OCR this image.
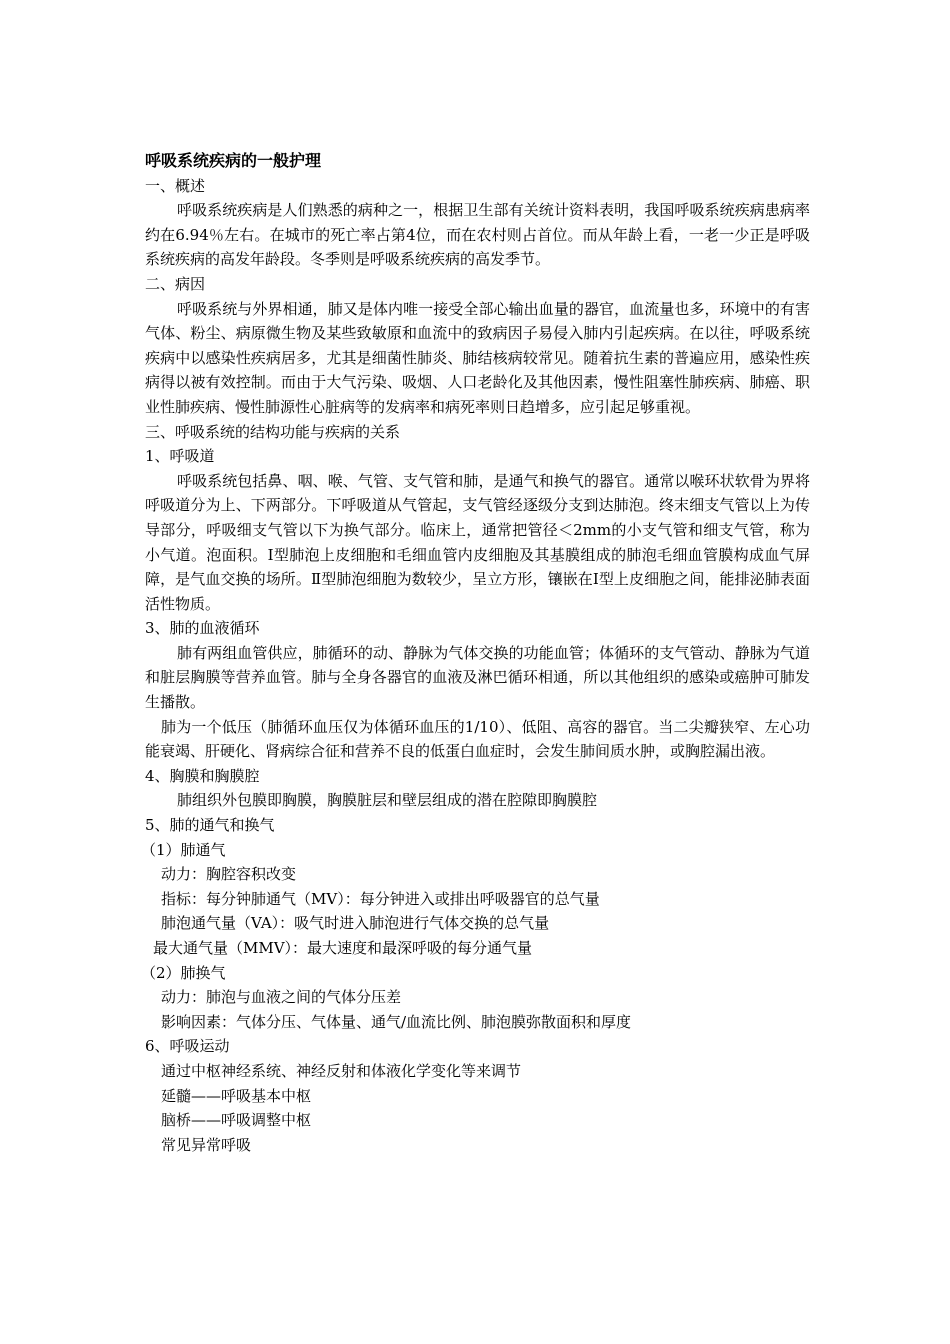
呼吸系统疾病的一般护理
一、概述
呼吸系统疾病是人们熟悉的病种之一，根据卫生部有关统计资料表明，我国呼吸系统疾病患病率约在6.94％左右。在城市的死亡率占第4位，而在农村则占首位。而从年龄上看，一老一少正是呼吸系统疾病的高发年龄段。冬季则是呼吸系统疾病的高发季节。
二、病因
呼吸系统与外界相通，肺又是体内唯一接受全部心输出血量的器官，血流量也多，环境中的有害气体、粉尘、病原微生物及某些致敏原和血流中的致病因子易侵入肺内引起疾病。在以往，呼吸系统疾病中以感染性疾病居多，尤其是细菌性肺炎、肺结核病较常见。随着抗生素的普遍应用，感染性疾病得以被有效控制。而由于大气污染、吸烟、人口老龄化及其他因素，慢性阻塞性肺疾病、肺癌、职业性肺疾病、慢性肺源性心脏病等的发病率和病死率则日趋增多，应引起足够重视。
三、呼吸系统的结构功能与疾病的关系
1、呼吸道
呼吸系统包括鼻、咽、喉、气管、支气管和肺，是通气和换气的器官。通常以喉环状软骨为界将呼吸道分为上、下两部分。下呼吸道从气管起，支气管经逐级分支到达肺泡。终末细支气管以上为传导部分，呼吸细支气管以下为换气部分。临床上，通常把管径＜2mm的小支气管和细支气管，称为小气道。泡面积。Ⅰ型肺泡上皮细胞和毛细血管内皮细胞及其基膜组成的肺泡毛细血管膜构成血气屏障，是气血交换的场所。Ⅱ型肺泡细胞为数较少，呈立方形，镶嵌在Ⅰ型上皮细胞之间，能排泌肺表面活性物质。
3、肺的血液循环
肺有两组血管供应，肺循环的动、静脉为气体交换的功能血管；体循环的支气管动、静脉为气道和脏层胸膜等营养血管。肺与全身各器官的血液及淋巴循环相通，所以其他组织的感染或癌肿可肺发生播散。
肺为一个低压（肺循环血压仅为体循环血压的1/10）、低阻、高容的器官。当二尖瓣狭窄、左心功能衰竭、肝硬化、肾病综合征和营养不良的低蛋白血症时，会发生肺间质水肿，或胸腔漏出液。
4、胸膜和胸膜腔
肺组织外包膜即胸膜，胸膜脏层和壁层组成的潜在腔隙即胸膜腔
5、肺的通气和换气
（1）肺通气
动力：胸腔容积改变
指标：每分钟肺通气（MV）：每分钟进入或排出呼吸器官的总气量
肺泡通气量（VA）：吸气时进入肺泡进行气体交换的总气量
最大通气量（MMV）：最大速度和最深呼吸的每分通气量
（2）肺换气
动力：肺泡与血液之间的气体分压差
影响因素：气体分压、气体量、通气/血流比例、肺泡膜弥散面积和厚度
6、呼吸运动
通过中枢神经系统、神经反射和体液化学变化等来调节
延髓——呼吸基本中枢
脑桥——呼吸调整中枢
常见异常呼吸
